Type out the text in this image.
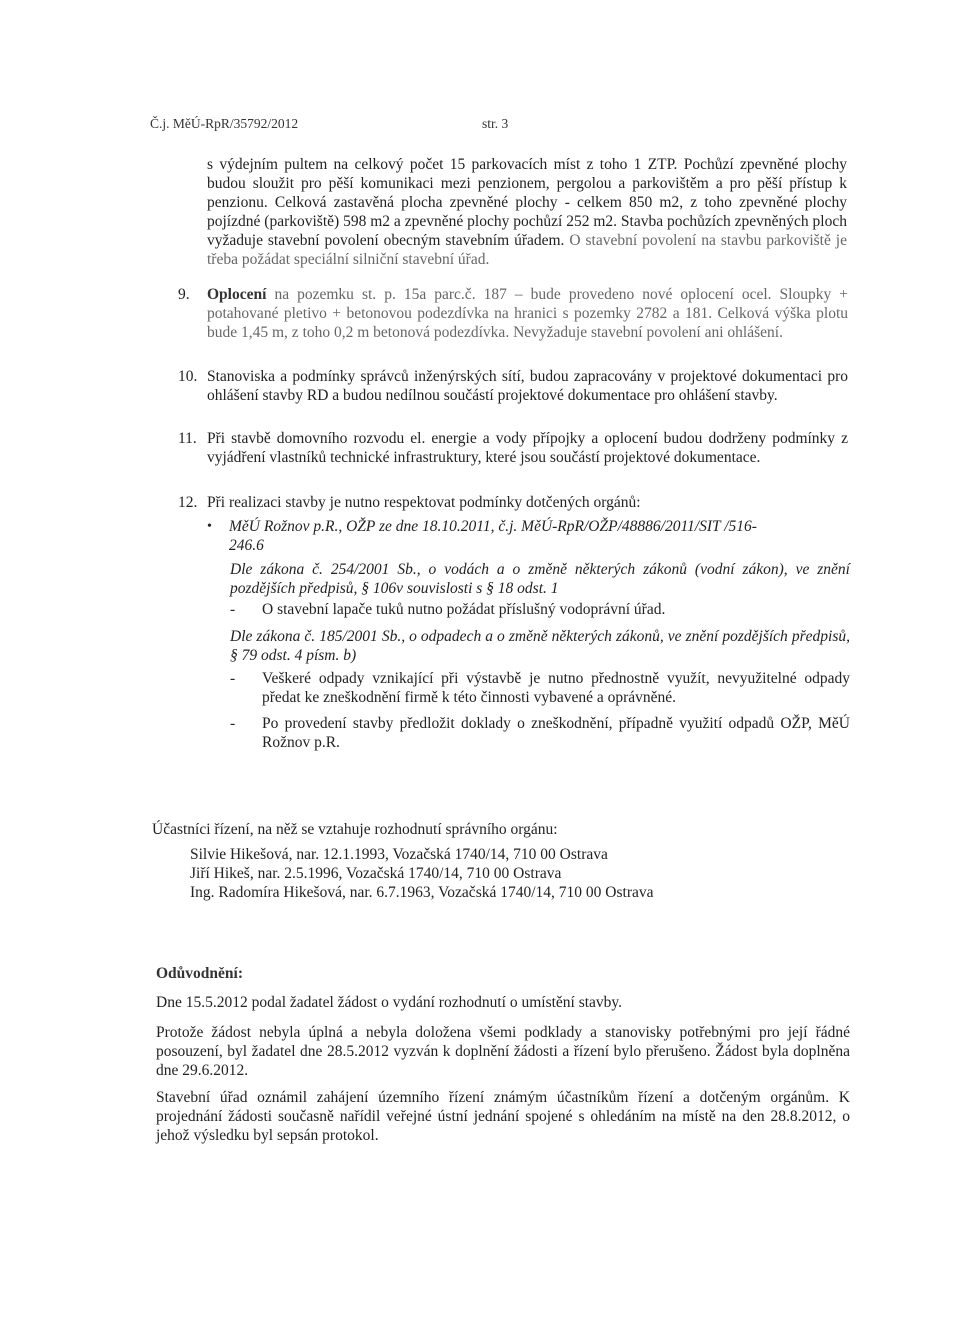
Č.j. MěÚ-RpR/35792/2012	str. 3

s výdejním pultem na celkový počet 15 parkovacích míst z toho 1 ZTP. Pochůzí zpevněné plochy budou sloužit pro pěší komunikaci mezi penzionem, pergolou a parkovištěm a pro pěší přístup k penzionu. Celková zastavěná plocha zpevněné plochy - celkem 850 m2, z toho zpevněné plochy pojízdné (parkoviště) 598 m2 a zpevněné plochy pochůzí 252 m2. Stavba pochůzích zpevněných ploch vyžaduje stavební povolení obecným stavebním úřadem. O stavební povolení na stavbu parkoviště je třeba požádat speciální silniční stavební úřad.

9.	Oplocení na pozemku st. p. 15a parc.č. 187 – bude provedeno nové oplocení ocel. Sloupky + potahované pletivo + betonovou podezdívka na hranici s pozemky 2782 a 181. Celková výška plotu bude 1,45 m, z toho 0,2 m betonová podezdívka. Nevyžaduje stavební povolení ani ohlášení.
10. Stanoviska a podmínky správců inženýrských sítí, budou zapracovány v projektové dokumentaci pro ohlášení stavby RD a budou nedílnou součástí projektové dokumentace pro ohlášení stavby.
11. Při stavbě domovního rozvodu el. energie a vody přípojky a oplocení budou dodrženy podmínky z vyjádření vlastníků technické infrastruktury, které jsou součástí projektové dokumentace.
12. Při realizaci stavby je nutno respektovat podmínky dotčených orgánů:
• MěÚ Rožnov p.R., OŽP ze dne 18.10.2011, č.j. MěÚ-RpR/OŽP/48886/2011/SIT /516-
246.6
Dle zákona č. 254/2001 Sb., o vodách a o změně některých zákonů (vodní zákon), ve znění pozdějších předpisů, § 106v souvislosti s § 18 odst. 1
- O stavební lapače tuků nutno požádat příslušný vodoprávní úřad.
Dle zákona č. 185/2001 Sb., o odpadech a o změně některých zákonů, ve znění pozdějších předpisů, § 79 odst. 4 písm. b)
- Veškeré odpady vznikající při výstavbě je nutno přednostně využít, nevyužitelné odpady předat ke zneškodnění firmě k této činnosti vybavené a oprávněné.
- Po provedení stavby předložit doklady o zneškodnění, případně využití odpadů OŽP, MěÚ Rožnov p.R.
Účastníci řízení, na něž se vztahuje rozhodnutí správního orgánu:
Silvie Hikešová, nar. 12.1.1993, Vozačská 1740/14, 710 00 Ostrava
Jiří Hikeš, nar. 2.5.1996, Vozačská 1740/14, 710 00 Ostrava
Ing. Radomíra Hikešová, nar. 6.7.1963, Vozačská 1740/14, 710 00 Ostrava
Odůvodnění:
Dne 15.5.2012 podal žadatel žádost o vydání rozhodnutí o umístění stavby.
Protože žádost nebyla úplná a nebyla doložena všemi podklady a stanovisky potřebnými pro její řádné posouzení, byl žadatel dne 28.5.2012 vyzván k doplnění žádosti a řízení bylo přerušeno. Žádost byla doplněna dne 29.6.2012.
Stavební úřad oznámil zahájení územního řízení známým účastníkům řízení a dotčeným orgánům. K projednání žádosti současně nařídil veřejné ústní jednání spojené s ohledáním na místě na den 28.8.2012, o jehož výsledku byl sepsán protokol.
